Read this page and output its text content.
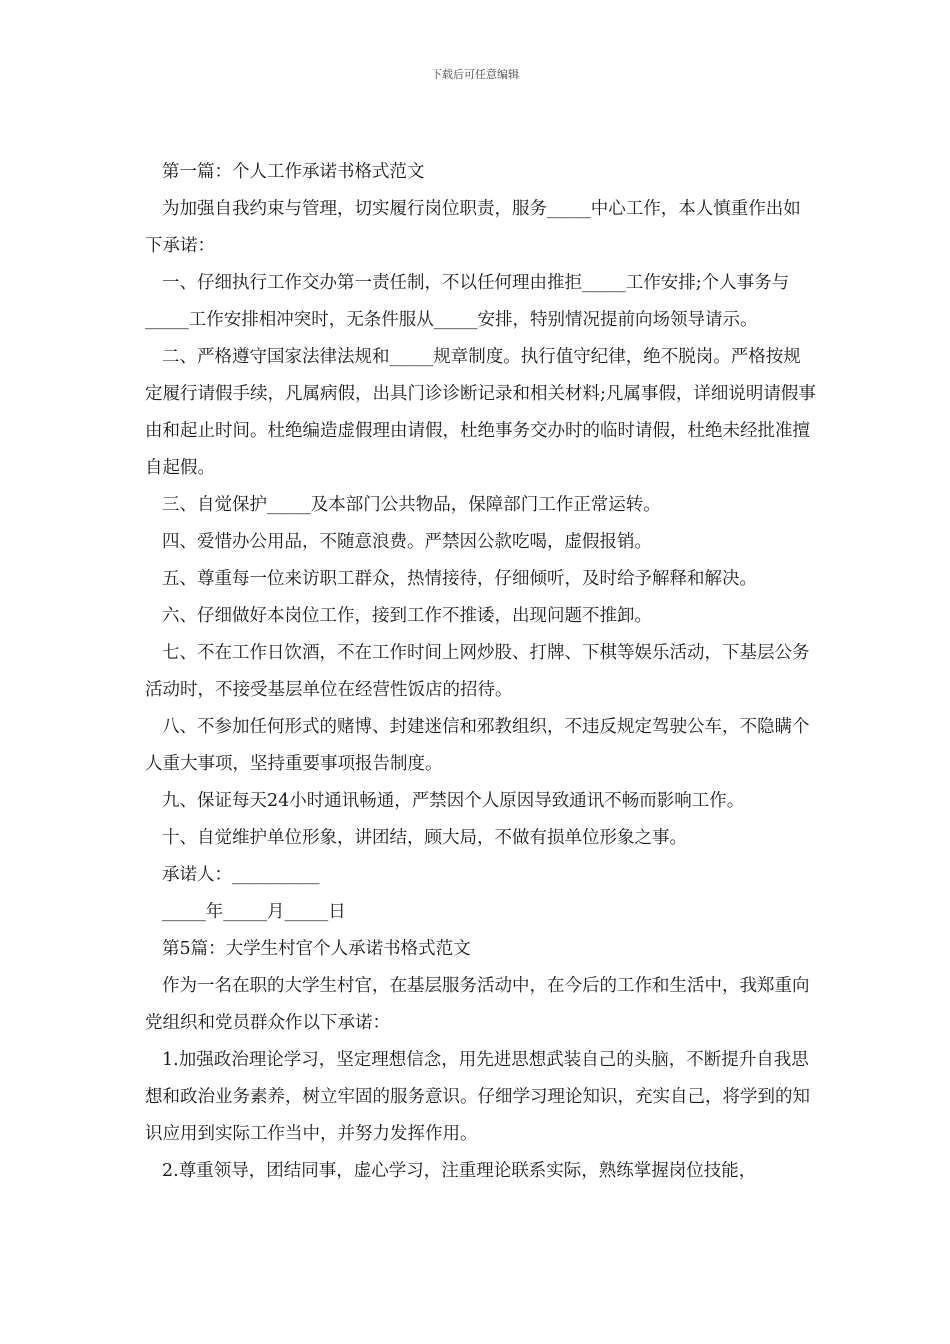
下载后可任意编辑

第一篇：个人工作承诺书格式范文

为加强自我约束与管理，切实履行岗位职责，服务_____中心工作，本人慎重作出如下承诺：

一、仔细执行工作交办第一责任制，不以任何理由推拒_____工作安排;个人事务与_____工作安排相冲突时，无条件服从_____安排，特别情况提前向场领导请示。

二、严格遵守国家法律法规和_____规章制度。执行值守纪律，绝不脱岗。严格按规定履行请假手续，凡属病假，出具门诊诊断记录和相关材料;凡属事假，详细说明请假事由和起止时间。杜绝编造虚假理由请假，杜绝事务交办时的临时请假，杜绝未经批准擅自起假。

三、自觉保护_____及本部门公共物品，保障部门工作正常运转。

四、爱惜办公用品，不随意浪费。严禁因公款吃喝，虚假报销。

五、尊重每一位来访职工群众，热情接待，仔细倾听，及时给予解释和解决。

六、仔细做好本岗位工作，接到工作不推诿，出现问题不推卸。

七、不在工作日饮酒，不在工作时间上网炒股、打牌、下棋等娱乐活动，下基层公务活动时，不接受基层单位在经营性饭店的招待。

八、不参加任何形式的赌博、封建迷信和邪教组织，不违反规定驾驶公车，不隐瞒个人重大事项，坚持重要事项报告制度。

九、保证每天24小时通讯畅通，严禁因个人原因导致通讯不畅而影响工作。

十、自觉维护单位形象，讲团结，顾大局，不做有损单位形象之事。

承诺人：__________

_____年_____月_____日

第5篇：大学生村官个人承诺书格式范文

作为一名在职的大学生村官，在基层服务活动中，在今后的工作和生活中，我郑重向党组织和党员群众作以下承诺：

1.加强政治理论学习，坚定理想信念，用先进思想武装自己的头脑，不断提升自我思想和政治业务素养，树立牢固的服务意识。仔细学习理论知识，充实自己，将学到的知识应用到实际工作当中，并努力发挥作用。

2.尊重领导，团结同事，虚心学习，注重理论联系实际，熟练掌握岗位技能，
